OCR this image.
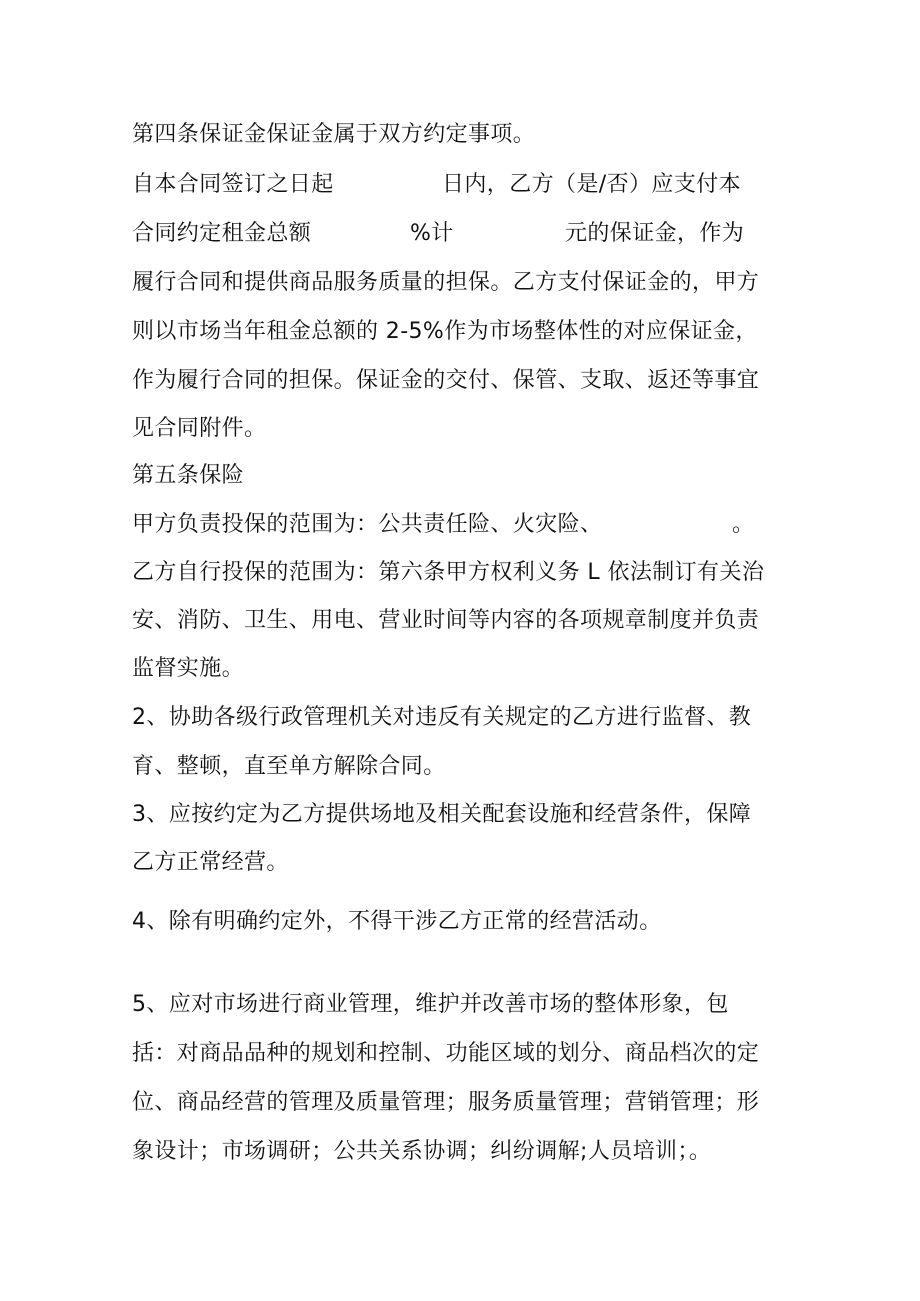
第四条保证金保证金属于双方约定事项。

自本合同签订之日起

	日内，乙方（是/否）应支付本

合同约定租金总额

	%计

	元的保证金，作为

履行合同和提供商品服务质量的担保。乙方支付保证金的，甲方
则以市场当年租金总额的 2-5%作为市场整体性的对应保证金，
作为履行合同的担保。保证金的交付、保管、支取、返还等事宜
见合同附件。
第五条保险

甲方负责投保的范围为：公共责任险、火灾险、

	。

乙方自行投保的范围为：第六条甲方权利义务 L 依法制订有关治
安、消防、卫生、用电、营业时间等内容的各项规章制度并负责
监督实施。
2、协助各级行政管理机关对违反有关规定的乙方进行监督、教
育、整顿，直至单方解除合同。
3、应按约定为乙方提供场地及相关配套设施和经营条件，保障
乙方正常经营。
4、除有明确约定外，不得干涉乙方正常的经营活动。
5、应对市场进行商业管理，维护并改善市场的整体形象，包
括：对商品品种的规划和控制、功能区域的划分、商品档次的定
位、商品经营的管理及质量管理；服务质量管理；营销管理；形
象设计；市场调研；公共关系协调；纠纷调解;人员培训；。
